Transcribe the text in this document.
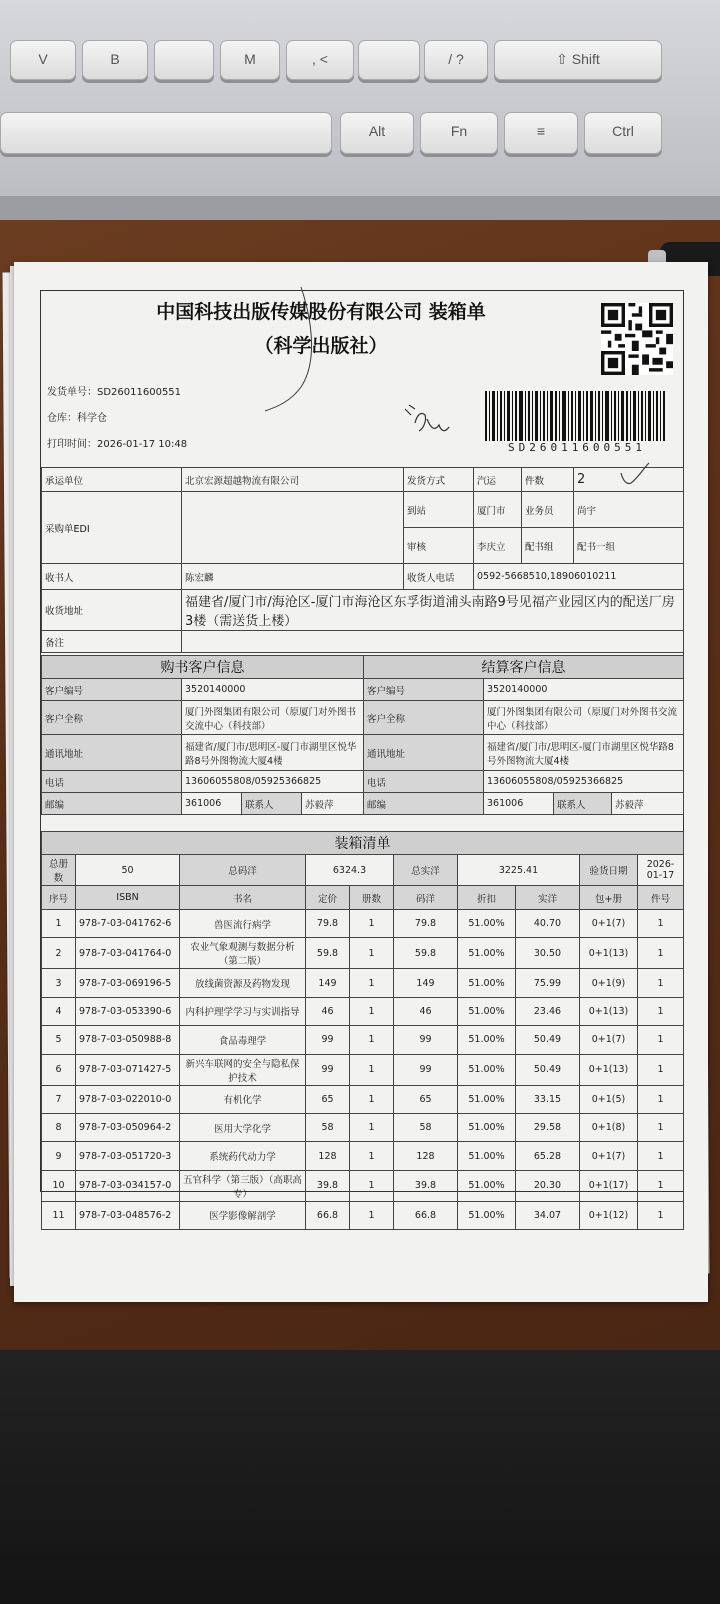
V	B	M	, <	/ ?	⇧ Shift
Alt	Fn	≡	Ctrl
中国科技出版传媒股份有限公司 装箱单
（科学出版社）
发货单号：SD26011600551
仓库：科学仓
打印时间：2026-01-17 10:48	SD26011600551
承运单位	北京宏源超越物流有限公司	发货方式	汽运	件数	2
采购单EDI		到站	厦门市	业务员	尚宇
		审核	李庆立	配书组	配书一组
收书人	陈宏麟	收货人电话	0592-5668510,18906010211		
收货地址	福建省/厦门市/海沧区-厦门市海沧区东孚街道浦头南路9号见福产业园区内的配送厂房3楼（需送货上楼）				
备注					
购书客户信息				结算客户信息			
客户编号	3520140000			客户编号	3520140000		
客户全称	厦门外图集团有限公司（原厦门对外图书交流中心（科技部）			客户全称	厦门外图集团有限公司（原厦门对外图书交流中心（科技部）		
通讯地址	福建省/厦门市/思明区-厦门市湖里区悦华路8号外图物流大厦4楼			通讯地址	福建省/厦门市/思明区-厦门市湖里区悦华路8号外图物流大厦4楼		
电话	13606055808/05925366825			电话	13606055808/05925366825		
邮编	361006	联系人	苏毅萍	邮编	361006	联系人	苏毅萍
装箱清单									
总册数	50	总码洋	6324.3		总实洋	3225.41		验货日期	2026-01-17
序号	ISBN	书名	定价	册数	码洋	折扣	实洋	包+册	件号
1	978-7-03-041762-6	兽医流行病学	79.8	1	79.8	51.00%	40.70	0+1(7)	1
2	978-7-03-041764-0	农业气象观测与数据分析（第二版）	59.8	1	59.8	51.00%	30.50	0+1(13)	1
3	978-7-03-069196-5	放线菌资源及药物发现	149	1	149	51.00%	75.99	0+1(9)	1
4	978-7-03-053390-6	内科护理学学习与实训指导	46	1	46	51.00%	23.46	0+1(13)	1
5	978-7-03-050988-8	食品毒理学	99	1	99	51.00%	50.49	0+1(7)	1
6	978-7-03-071427-5	新兴车联网的安全与隐私保护技术	99	1	99	51.00%	50.49	0+1(13)	1
7	978-7-03-022010-0	有机化学	65	1	65	51.00%	33.15	0+1(5)	1
8	978-7-03-050964-2	医用大学化学	58	1	58	51.00%	29.58	0+1(8)	1
9	978-7-03-051720-3	系统药代动力学	128	1	128	51.00%	65.28	0+1(7)	1
10	978-7-03-034157-0	五官科学（第三版）（高职高专）	39.8	1	39.8	51.00%	20.30	0+1(17)	1
11	978-7-03-048576-2	医学影像解剖学	66.8	1	66.8	51.00%	34.07	0+1(12)	1
